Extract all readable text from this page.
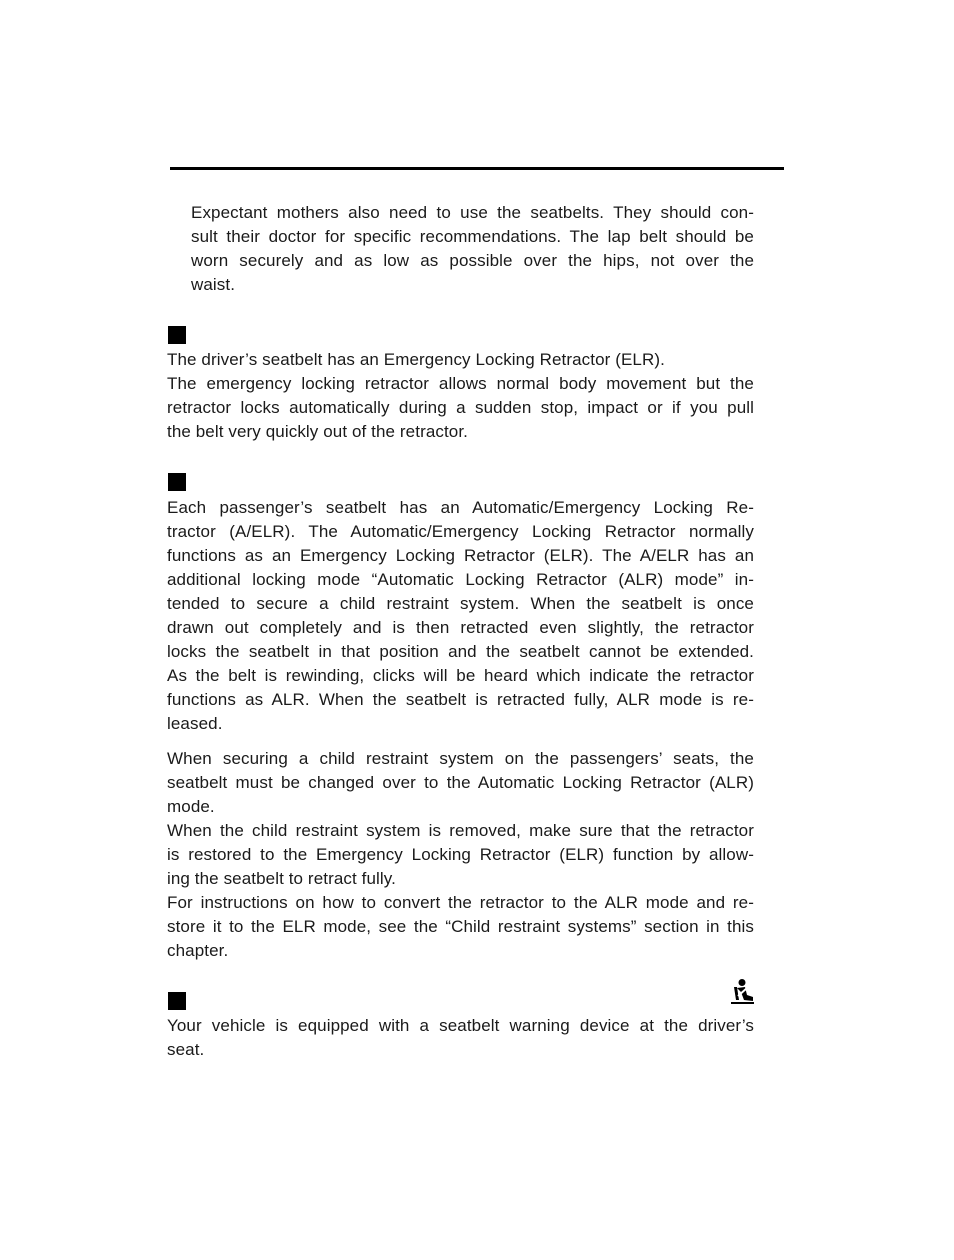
Expectant mothers also need to use the seatbelts. They should con-
sult their doctor for specific recommendations. The lap belt should be
worn securely and as low as possible over the hips, not over the
waist.
The driver’s seatbelt has an Emergency Locking Retractor (ELR).
The emergency locking retractor allows normal body movement but the
retractor locks automatically during a sudden stop, impact or if you pull
the belt very quickly out of the retractor.
Each passenger’s seatbelt has an Automatic/Emergency Locking Re-
tractor (A/ELR). The Automatic/Emergency Locking Retractor normally
functions as an Emergency Locking Retractor (ELR). The A/ELR has an
additional locking mode “Automatic Locking Retractor (ALR) mode” in-
tended to secure a child restraint system. When the seatbelt is once
drawn out completely and is then retracted even slightly, the retractor
locks the seatbelt in that position and the seatbelt cannot be extended.
As the belt is rewinding, clicks will be heard which indicate the retractor
functions as ALR. When the seatbelt is retracted fully, ALR mode is re-
leased.
When securing a child restraint system on the passengers’ seats, the
seatbelt must be changed over to the Automatic Locking Retractor (ALR)
mode.
When the child restraint system is removed, make sure that the retractor
is restored to the Emergency Locking Retractor (ELR) function by allow-
ing the seatbelt to retract fully.
For instructions on how to convert the retractor to the ALR mode and re-
store it to the ELR mode, see the “Child restraint systems” section in this
chapter.
Your vehicle is equipped with a seatbelt warning device at the driver’s
seat.
